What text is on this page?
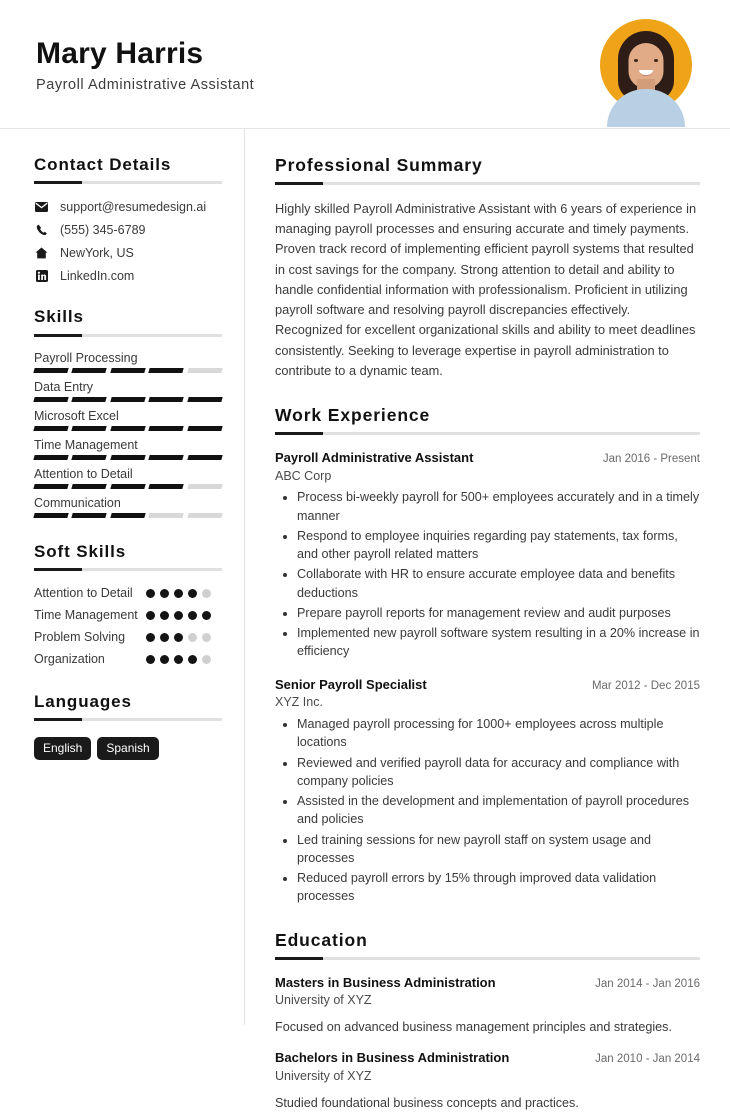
Mary Harris
Payroll Administrative Assistant
Contact Details
support@resumedesign.ai
(555) 345-6789
NewYork, US
LinkedIn.com
Skills
Payroll Processing
Data Entry
Microsoft Excel
Time Management
Attention to Detail
Communication
Soft Skills
Attention to Detail
Time Management
Problem Solving
Organization
Languages
English	Spanish
Professional Summary
Highly skilled Payroll Administrative Assistant with 6 years of experience in managing payroll processes and ensuring accurate and timely payments. Proven track record of implementing efficient payroll systems that resulted in cost savings for the company. Strong attention to detail and ability to handle confidential information with professionalism. Proficient in utilizing payroll software and resolving payroll discrepancies effectively. Recognized for excellent organizational skills and ability to meet deadlines consistently. Seeking to leverage expertise in payroll administration to contribute to a dynamic team.
Work Experience
Payroll Administrative Assistant	Jan 2016 - Present
ABC Corp
• Process bi-weekly payroll for 500+ employees accurately and in a timely manner
• Respond to employee inquiries regarding pay statements, tax forms, and other payroll related matters
• Collaborate with HR to ensure accurate employee data and benefits deductions
• Prepare payroll reports for management review and audit purposes
• Implemented new payroll software system resulting in a 20% increase in efficiency
Senior Payroll Specialist	Mar 2012 - Dec 2015
XYZ Inc.
• Managed payroll processing for 1000+ employees across multiple locations
• Reviewed and verified payroll data for accuracy and compliance with company policies
• Assisted in the development and implementation of payroll procedures and policies
• Led training sessions for new payroll staff on system usage and processes
• Reduced payroll errors by 15% through improved data validation processes
Education
Masters in Business Administration	Jan 2014 - Jan 2016
University of XYZ
Focused on advanced business management principles and strategies.
Bachelors in Business Administration	Jan 2010 - Jan 2014
University of XYZ
Studied foundational business concepts and practices.
